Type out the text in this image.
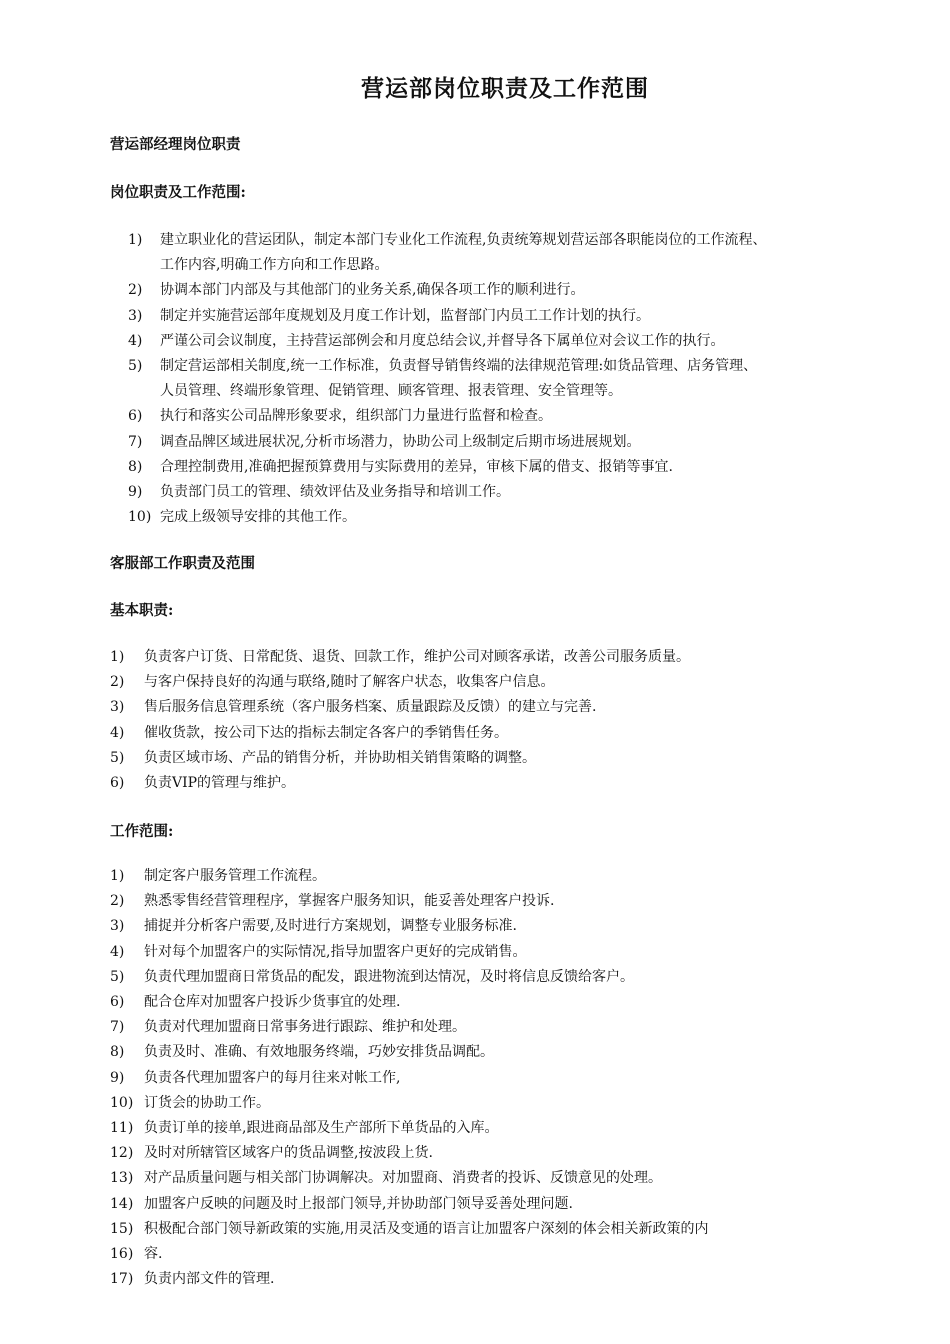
营运部岗位职责及工作范围
营运部经理岗位职责
岗位职责及工作范围:
1) 建立职业化的营运团队，制定本部门专业化工作流程,负责统筹规划营运部各职能岗位的工作流程、
工作内容,明确工作方向和工作思路。
2) 协调本部门内部及与其他部门的业务关系,确保各项工作的顺利进行。
3) 制定并实施营运部年度规划及月度工作计划，监督部门内员工工作计划的执行。
4) 严谨公司会议制度，主持营运部例会和月度总结会议,并督导各下属单位对会议工作的执行。
5) 制定营运部相关制度,统一工作标准，负责督导销售终端的法律规范管理:如货品管理、店务管理、
人员管理、终端形象管理、促销管理、顾客管理、报表管理、安全管理等。
6) 执行和落实公司品牌形象要求，组织部门力量进行监督和检查。
7) 调查品牌区域进展状况,分析市场潜力，协助公司上级制定后期市场进展规划。
8) 合理控制费用,准确把握预算费用与实际费用的差异，审核下属的借支、报销等事宜.
9) 负责部门员工的管理、绩效评估及业务指导和培训工作。
10) 完成上级领导安排的其他工作。
客服部工作职责及范围
基本职责:
1) 负责客户订货、日常配货、退货、回款工作，维护公司对顾客承诺，改善公司服务质量。
2) 与客户保持良好的沟通与联络,随时了解客户状态，收集客户信息。
3) 售后服务信息管理系统（客户服务档案、质量跟踪及反馈）的建立与完善.
4) 催收货款，按公司下达的指标去制定各客户的季销售任务。
5) 负责区域市场、产品的销售分析，并协助相关销售策略的调整。
6) 负责VIP的管理与维护。
工作范围:
1) 制定客户服务管理工作流程。
2) 熟悉零售经营管理程序，掌握客户服务知识，能妥善处理客户投诉.
3) 捕捉并分析客户需要,及时进行方案规划，调整专业服务标准.
4) 针对每个加盟客户的实际情况,指导加盟客户更好的完成销售。
5) 负责代理加盟商日常货品的配发，跟进物流到达情况，及时将信息反馈给客户。
6) 配合仓库对加盟客户投诉少货事宜的处理.
7) 负责对代理加盟商日常事务进行跟踪、维护和处理。
8) 负责及时、准确、有效地服务终端，巧妙安排货品调配。
9) 负责各代理加盟客户的每月往来对帐工作,
10) 订货会的协助工作。
11) 负责订单的接单,跟进商品部及生产部所下单货品的入库。
12) 及时对所辖管区域客户的货品调整,按波段上货.
13) 对产品质量问题与相关部门协调解决。对加盟商、消费者的投诉、反馈意见的处理。
14) 加盟客户反映的问题及时上报部门领导,并协助部门领导妥善处理问题.
15) 积极配合部门领导新政策的实施,用灵活及变通的语言让加盟客户深刻的体会相关新政策的内
16) 容.
17) 负责内部文件的管理.
